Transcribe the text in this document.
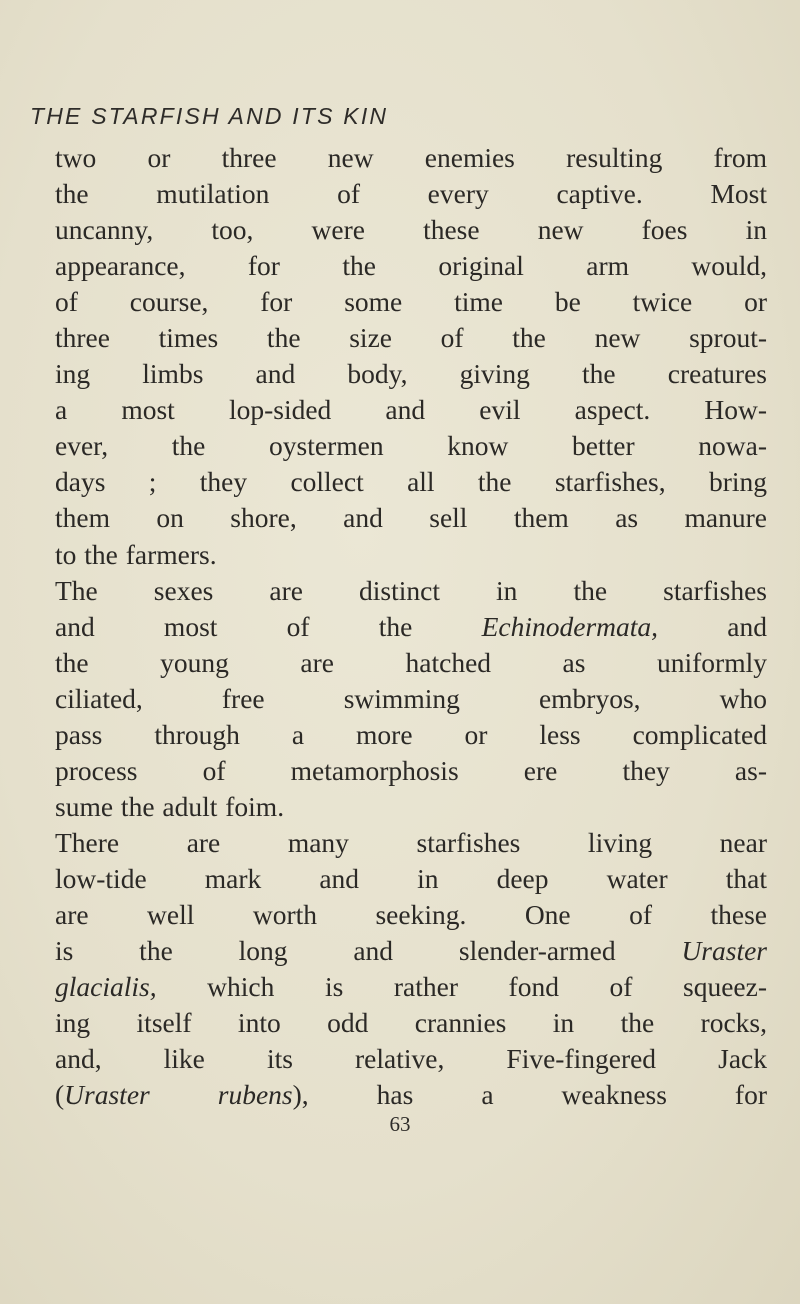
THE STARFISH AND ITS KIN
two or three new enemies resulting from
the mutilation of every captive. Most
uncanny, too, were these new foes in
appearance, for the original arm would,
of course, for some time be twice or
three times the size of the new sprout-
ing limbs and body, giving the creatures
a most lop-sided and evil aspect. How-
ever, the oystermen know better nowa-
days ; they collect all the starfishes, bring
them on shore, and sell them as manure
to the farmers.
The sexes are distinct in the starfishes
and most of the Echinodermata, and
the young are hatched as uniformly
ciliated, free swimming embryos, who
pass through a more or less complicated
process of metamorphosis ere they as-
sume the adult foim.
There are many starfishes living near
low-tide mark and in deep water that
are well worth seeking. One of these
is the long and slender-armed Uraster
glacialis, which is rather fond of squeez-
ing itself into odd crannies in the rocks,
and, like its relative, Five-fingered Jack
(Uraster rubens), has a weakness for
63
